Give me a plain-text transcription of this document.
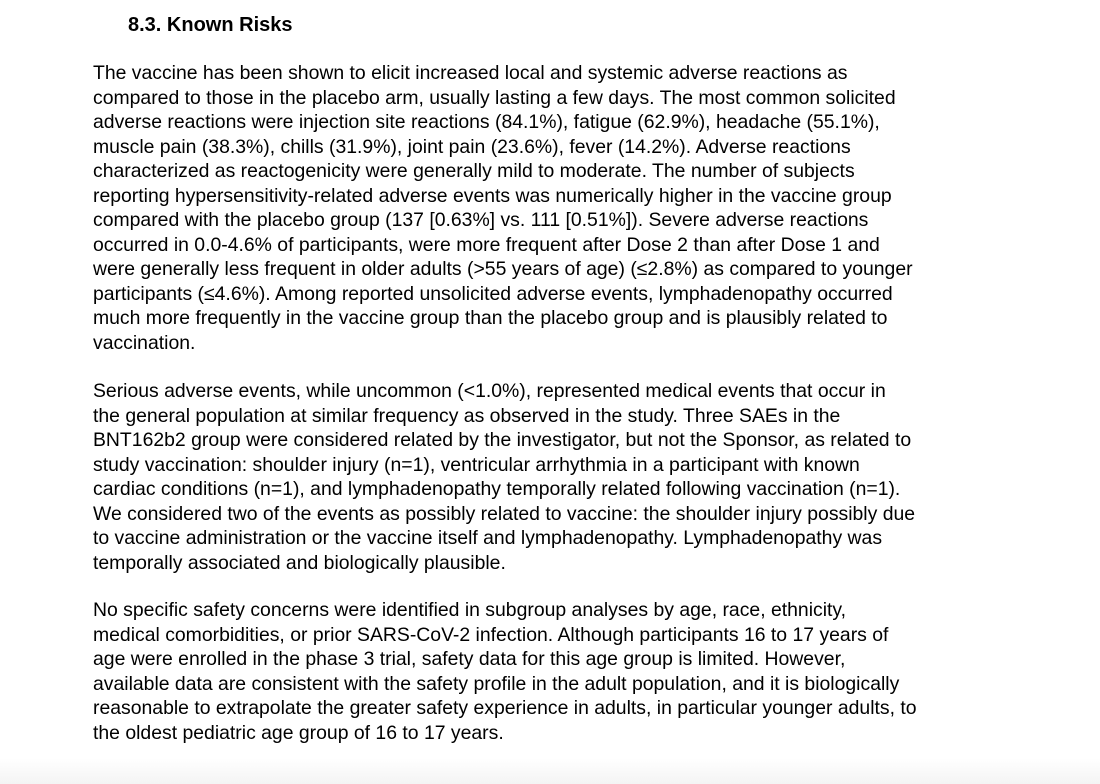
8.3. Known Risks
The vaccine has been shown to elicit increased local and systemic adverse reactions as
compared to those in the placebo arm, usually lasting a few days. The most common solicited
adverse reactions were injection site reactions (84.1%), fatigue (62.9%), headache (55.1%),
muscle pain (38.3%), chills (31.9%), joint pain (23.6%), fever (14.2%). Adverse reactions
characterized as reactogenicity were generally mild to moderate. The number of subjects
reporting hypersensitivity-related adverse events was numerically higher in the vaccine group
compared with the placebo group (137 [0.63%] vs. 111 [0.51%]). Severe adverse reactions
occurred in 0.0-4.6% of participants, were more frequent after Dose 2 than after Dose 1 and
were generally less frequent in older adults (>55 years of age) (≤2.8%) as compared to younger
participants (≤4.6%). Among reported unsolicited adverse events, lymphadenopathy occurred
much more frequently in the vaccine group than the placebo group and is plausibly related to
vaccination.
Serious adverse events, while uncommon (<1.0%), represented medical events that occur in
the general population at similar frequency as observed in the study. Three SAEs in the
BNT162b2 group were considered related by the investigator, but not the Sponsor, as related to
study vaccination: shoulder injury (n=1), ventricular arrhythmia in a participant with known
cardiac conditions (n=1), and lymphadenopathy temporally related following vaccination (n=1).
We considered two of the events as possibly related to vaccine: the shoulder injury possibly due
to vaccine administration or the vaccine itself and lymphadenopathy. Lymphadenopathy was
temporally associated and biologically plausible.
No specific safety concerns were identified in subgroup analyses by age, race, ethnicity,
medical comorbidities, or prior SARS-CoV-2 infection. Although participants 16 to 17 years of
age were enrolled in the phase 3 trial, safety data for this age group is limited. However,
available data are consistent with the safety profile in the adult population, and it is biologically
reasonable to extrapolate the greater safety experience in adults, in particular younger adults, to
the oldest pediatric age group of 16 to 17 years.
